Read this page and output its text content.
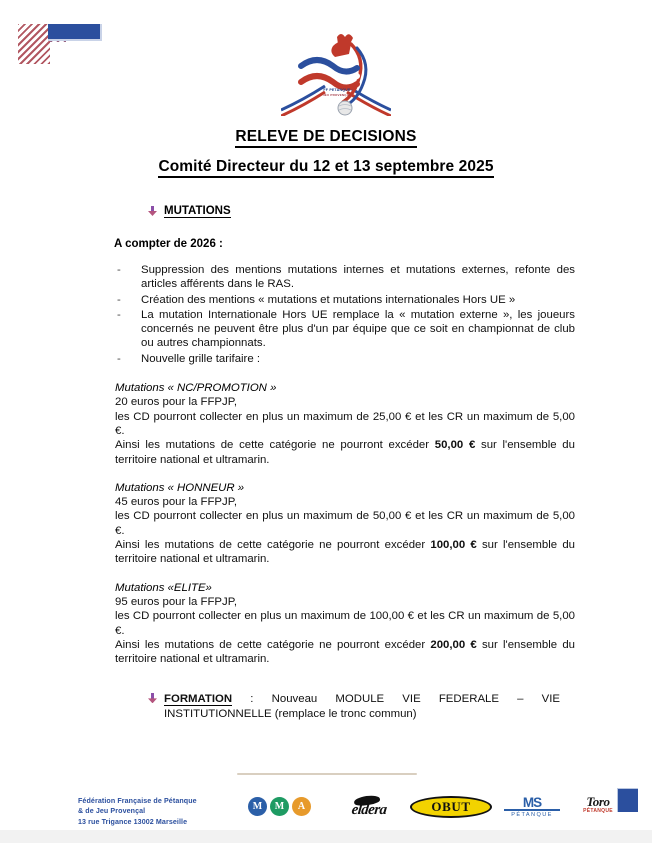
FF PETANQUE
JEU PROVENÇAL
RELEVE DE DECISIONS
Comité Directeur du 12 et 13 septembre 2025
MUTATIONS
A compter de 2026 :
- Suppression des mentions mutations internes et mutations externes, refonte des articles afférents dans le RAS.
- Création des mentions « mutations et mutations internationales Hors UE »
- La mutation Internationale Hors UE remplace la « mutation externe », les joueurs concernés ne peuvent être plus d'un par équipe que ce soit en championnat de club ou autres championnats.
- Nouvelle grille tarifaire :

Mutations « NC/PROMOTION »

20 euros pour la FFPJP,

les CD pourront collecter en plus un maximum de 25,00 € et les CR un maximum de 5,00 €.

Ainsi les mutations de cette catégorie ne pourront excéder 50,00 € sur l'ensemble du territoire national et ultramarin.

Mutations « HONNEUR »

45 euros pour la FFPJP,

les CD pourront collecter en plus un maximum de 50,00 € et les CR un maximum de 5,00 €.

Ainsi les mutations de cette catégorie ne pourront excéder 100,00 € sur l'ensemble du territoire national et ultramarin.

Mutations «ELITE»

95 euros pour la FFPJP,

les CD pourront collecter en plus un maximum de 100,00 € et les CR un maximum de 5,00 €.

Ainsi les mutations de cette catégorie ne pourront excéder 200,00 € sur l'ensemble du territoire national et ultramarin.

FORMATION : Nouveau MODULE VIE FEDERALE – VIE INSTITUTIONNELLE (remplace le tronc commun)
Fédération Française de Pétanque
& de Jeu Provençal
13 rue Trigance 13002 Marseille
M	M	A	eldera	OBUT	MS
PÉTANQUE
Toro
PÉTANQUE
